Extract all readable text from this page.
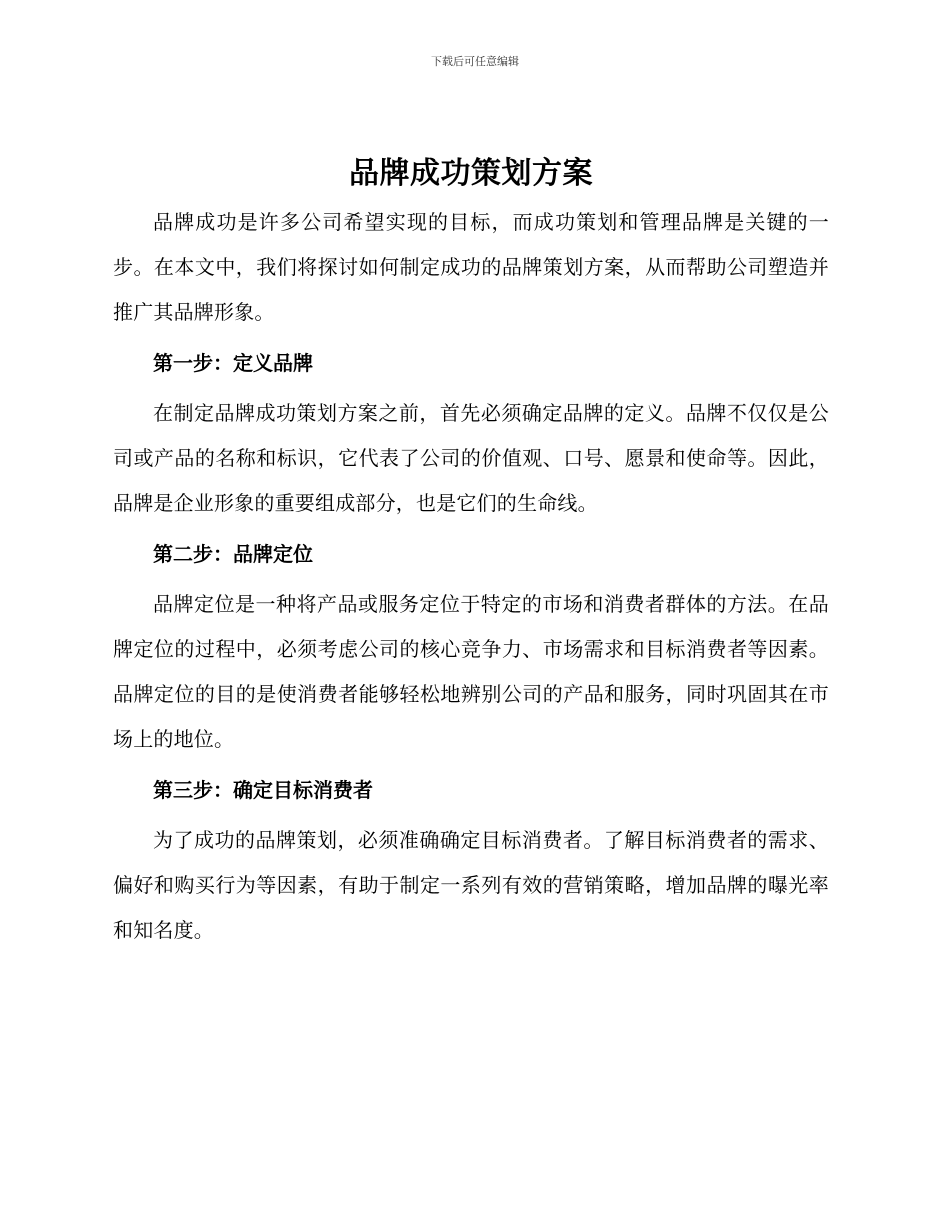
下载后可任意编辑
品牌成功策划方案

品牌成功是许多公司希望实现的目标，而成功策划和管理品牌是关键的一步。在本文中，我们将探讨如何制定成功的品牌策划方案，从而帮助公司塑造并推广其品牌形象。

第一步：定义品牌

在制定品牌成功策划方案之前，首先必须确定品牌的定义。品牌不仅仅是公司或产品的名称和标识，它代表了公司的价值观、口号、愿景和使命等。因此，品牌是企业形象的重要组成部分，也是它们的生命线。

第二步：品牌定位

品牌定位是一种将产品或服务定位于特定的市场和消费者群体的方法。在品牌定位的过程中，必须考虑公司的核心竞争力、市场需求和目标消费者等因素。品牌定位的目的是使消费者能够轻松地辨别公司的产品和服务，同时巩固其在市场上的地位。

第三步：确定目标消费者

为了成功的品牌策划，必须准确确定目标消费者。了解目标消费者的需求、偏好和购买行为等因素，有助于制定一系列有效的营销策略，增加品牌的曝光率和知名度。
